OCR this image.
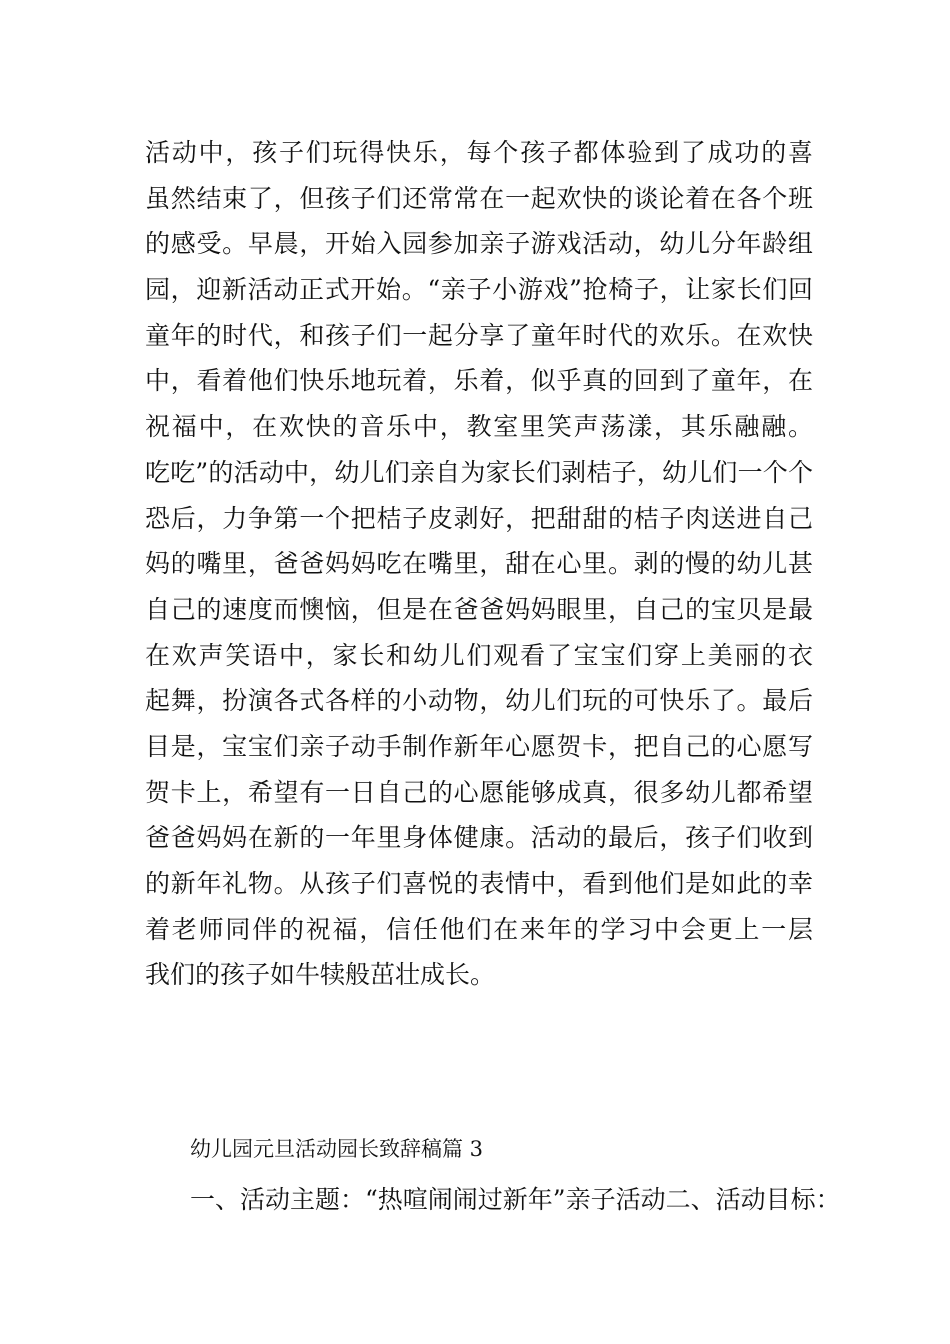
活动中，孩子们玩得快乐，每个孩子都体验到了成功的喜
虽然结束了，但孩子们还常常在一起欢快的谈论着在各个班
的感受。早晨，开始入园参加亲子游戏活动，幼儿分年龄组
园，迎新活动正式开始。“亲子小游戏”抢椅子，让家长们回
童年的时代，和孩子们一起分享了童年时代的欢乐。在欢快
中，看着他们快乐地玩着，乐着，似乎真的回到了童年，在
祝福中，在欢快的音乐中，教室里笑声荡漾，其乐融融。
吃吃”的活动中，幼儿们亲自为家长们剥桔子，幼儿们一个个
恐后，力争第一个把桔子皮剥好，把甜甜的桔子肉送进自己
妈的嘴里，爸爸妈妈吃在嘴里，甜在心里。剥的慢的幼儿甚
自己的速度而懊恼，但是在爸爸妈妈眼里，自己的宝贝是最
在欢声笑语中，家长和幼儿们观看了宝宝们穿上美丽的衣
起舞，扮演各式各样的小动物，幼儿们玩的可快乐了。最后
目是，宝宝们亲子动手制作新年心愿贺卡，把自己的心愿写
贺卡上，希望有一日自己的心愿能够成真，很多幼儿都希望
爸爸妈妈在新的一年里身体健康。活动的最后，孩子们收到
的新年礼物。从孩子们喜悦的表情中，看到他们是如此的幸
着老师同伴的祝福，信任他们在来年的学习中会更上一层
我们的孩子如牛犊般茁壮成长。
幼儿园元旦活动园长致辞稿篇 3
一、活动主题：“热喧闹闹过新年”亲子活动二、活动目标：
